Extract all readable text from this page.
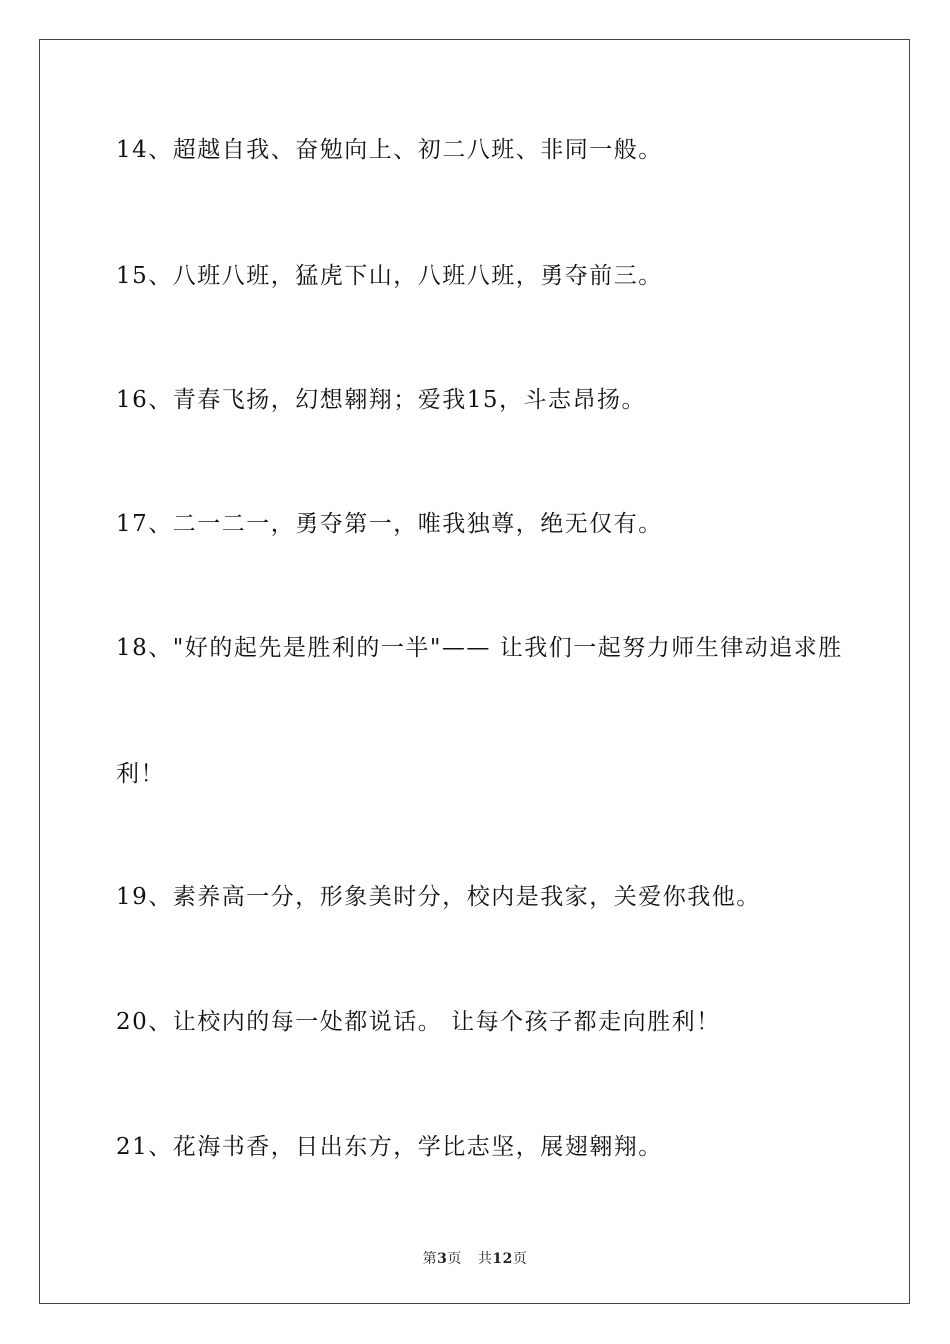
14、超越自我、奋勉向上、初二八班、非同一般。
15、八班八班，猛虎下山，八班八班，勇夺前三。
16、青春飞扬，幻想翱翔；爱我15，斗志昂扬。
17、二一二一，勇夺第一，唯我独尊，绝无仅有。
18、"好的起先是胜利的一半"—— 让我们一起努力师生律动追求胜
利！
19、素养高一分，形象美时分，校内是我家，关爱你我他。
20、让校内的每一处都说话。 让每个孩子都走向胜利！
21、花海书香，日出东方，学比志坚，展翅翱翔。
第3页 共12页
